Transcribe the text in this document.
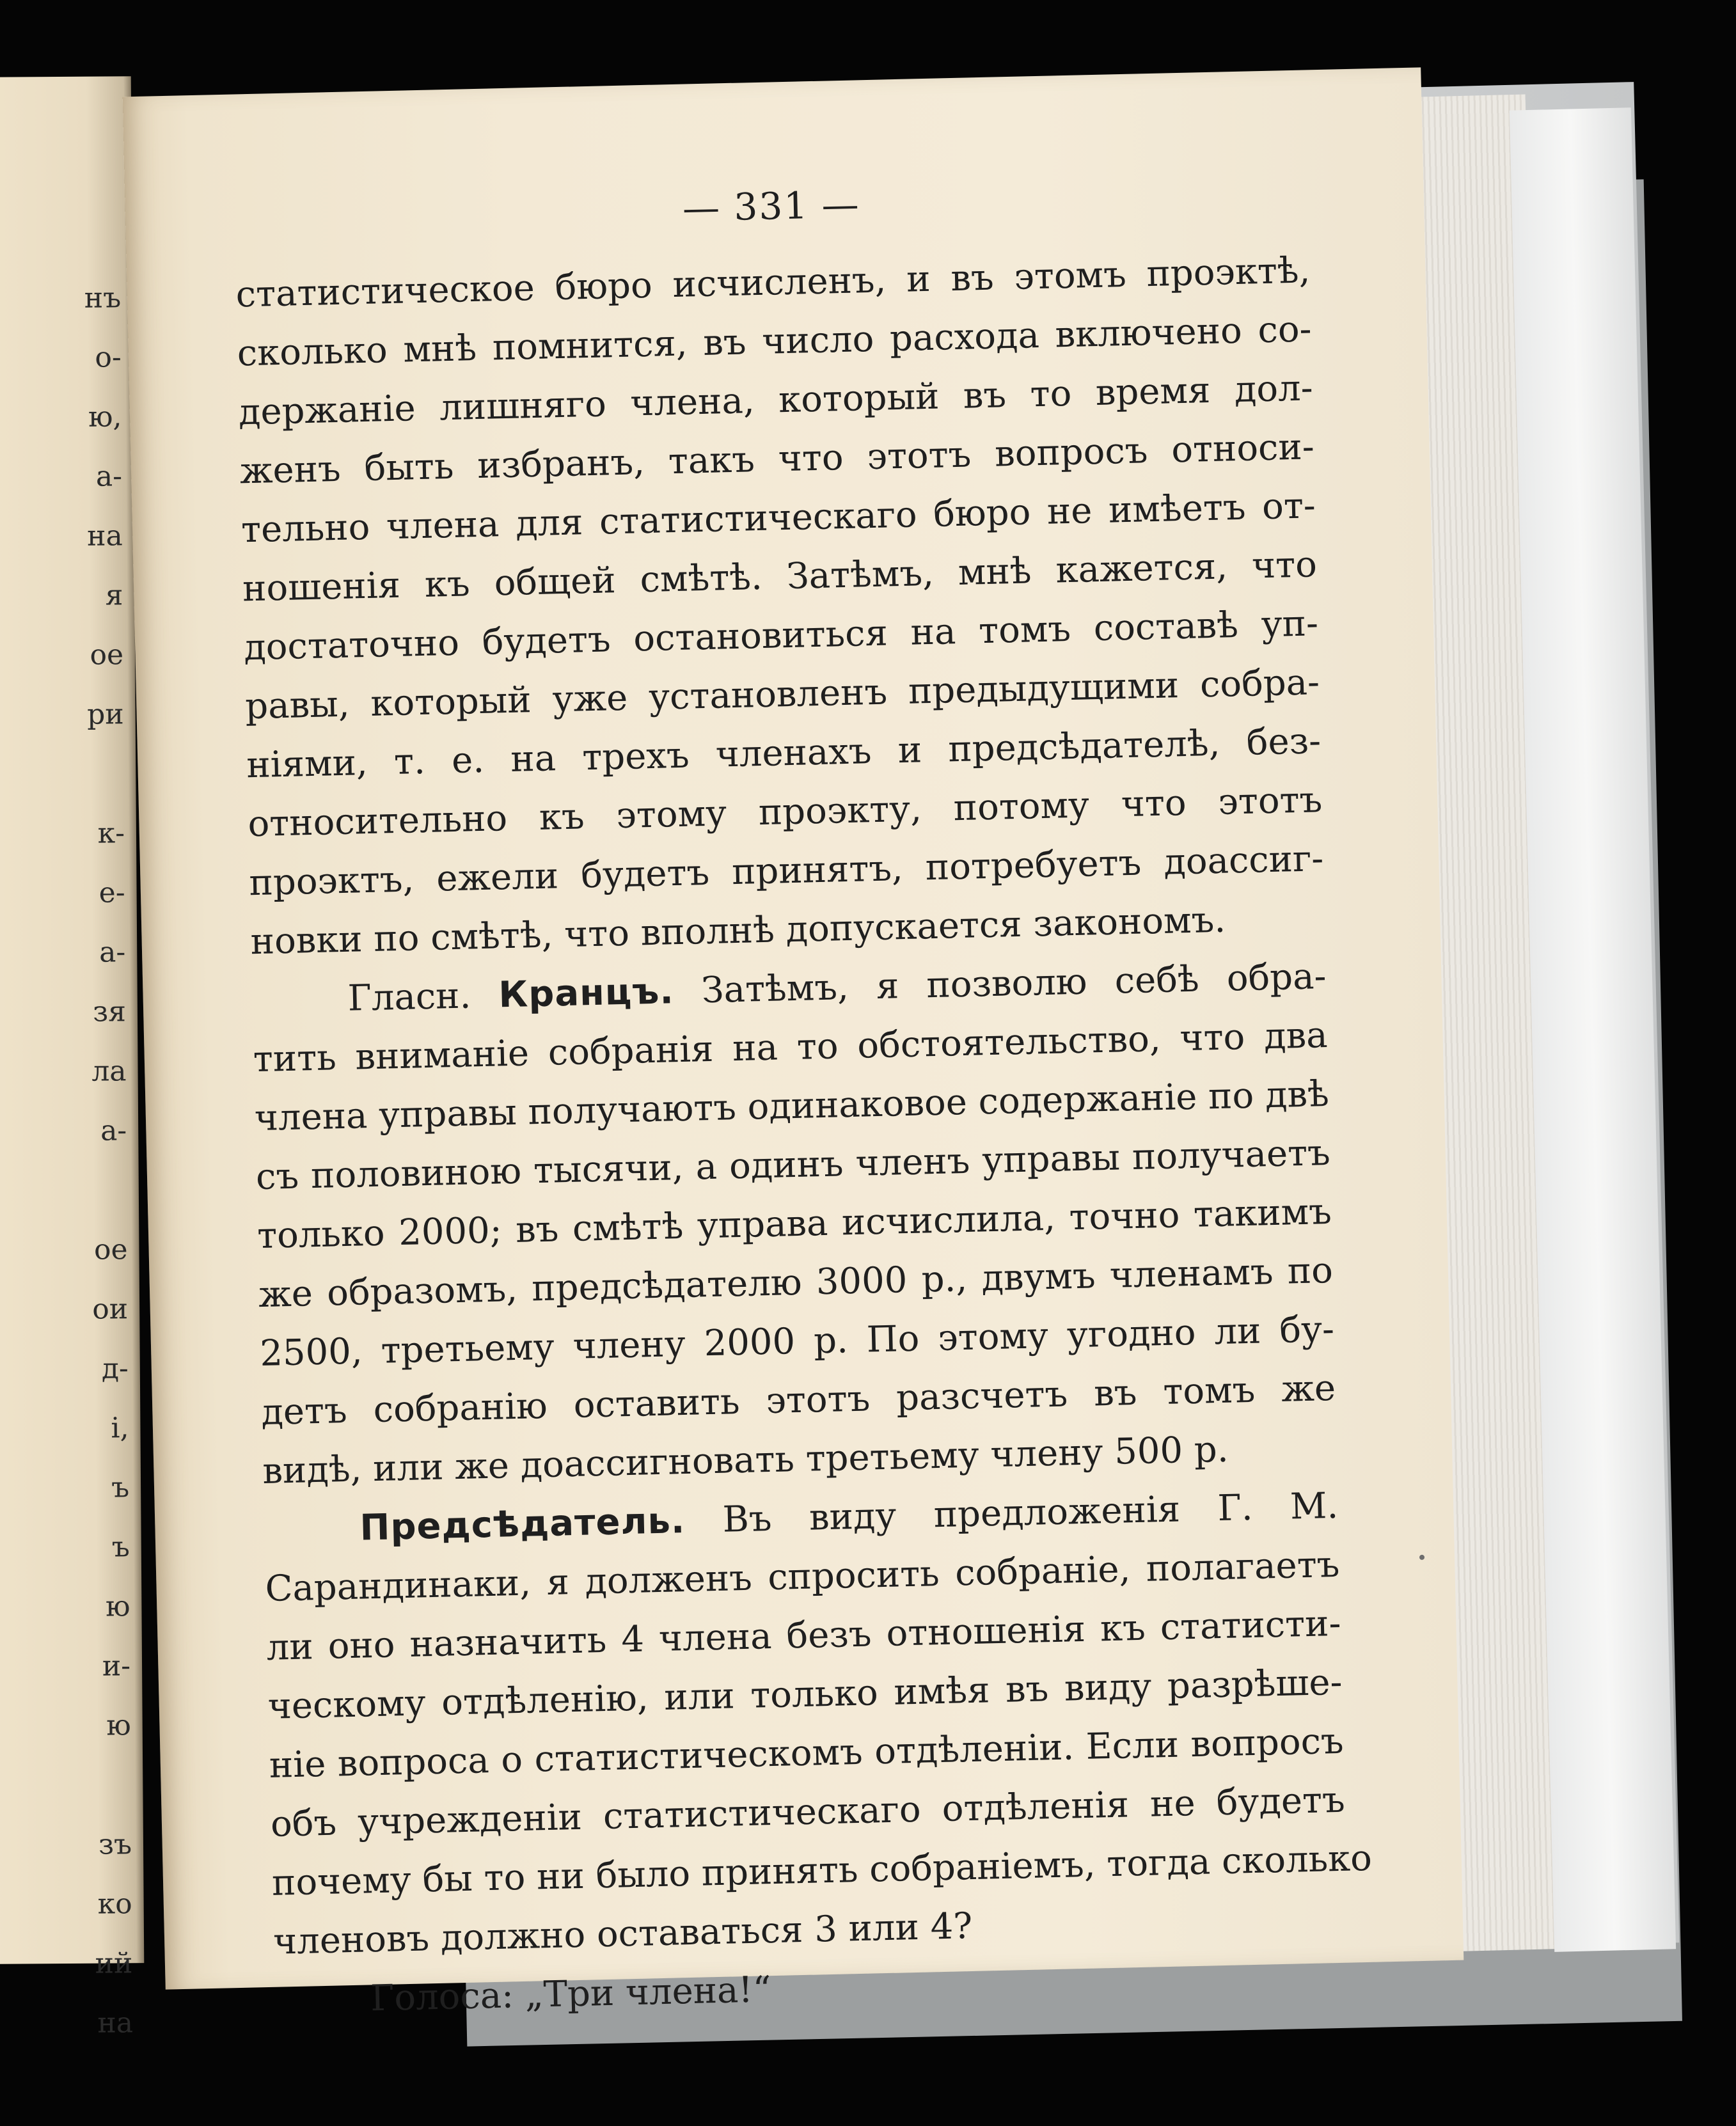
нъ
о-
ю,
а-
на
я
ое
ри
к-
е-
а-
зя
ла
а-
ое
ои
д-
і,
ъ
ъ
ю
и-
ю
зъ
ко
ий
на
— 331 —
статистическое бюро исчисленъ, и въ этомъ проэктѣ,
сколько мнѣ помнится, въ число расхода включено со-
держаніе лишняго члена, который въ то время дол-
женъ быть избранъ, такъ что этотъ вопросъ относи-
тельно члена для статистическаго бюро не имѣетъ от-
ношенія къ общей смѣтѣ. Затѣмъ, мнѣ кажется, что
достаточно будетъ остановиться на томъ составѣ уп-
равы, который уже установленъ предыдущими собра-
ніями, т. е. на трехъ членахъ и предсѣдателѣ, без-
относительно къ этому проэкту, потому что этотъ
проэктъ, ежели будетъ принятъ, потребуетъ доассиг-
новки по смѣтѣ, что вполнѣ допускается закономъ.
Гласн. Кранцъ. Затѣмъ, я позволю себѣ обра-
тить вниманіе собранія на то обстоятельство, что два
члена управы получаютъ одинаковое содержаніе по двѣ
съ половиною тысячи, а одинъ членъ управы получаетъ
только 2000; въ смѣтѣ управа исчислила, точно такимъ
же образомъ, предсѣдателю 3000 р., двумъ членамъ по
2500, третьему члену 2000 р. По этому угодно ли бу-
детъ собранію оставить этотъ разсчетъ въ томъ же
видѣ, или же доассигновать третьему члену 500 р.
Предсѣдатель. Въ виду предложенія Г. М.
Сарандинаки, я долженъ спросить собраніе, полагаетъ
ли оно назначить 4 члена безъ отношенія къ статисти-
ческому отдѣленію, или только имѣя въ виду разрѣше-
ніе вопроса о статистическомъ отдѣленіи. Если вопросъ
объ учрежденіи статистическаго отдѣленія не будетъ
почему бы то ни было принять собраніемъ, тогда сколько
членовъ должно оставаться 3 или 4?
Голоса: „Три члена!“
